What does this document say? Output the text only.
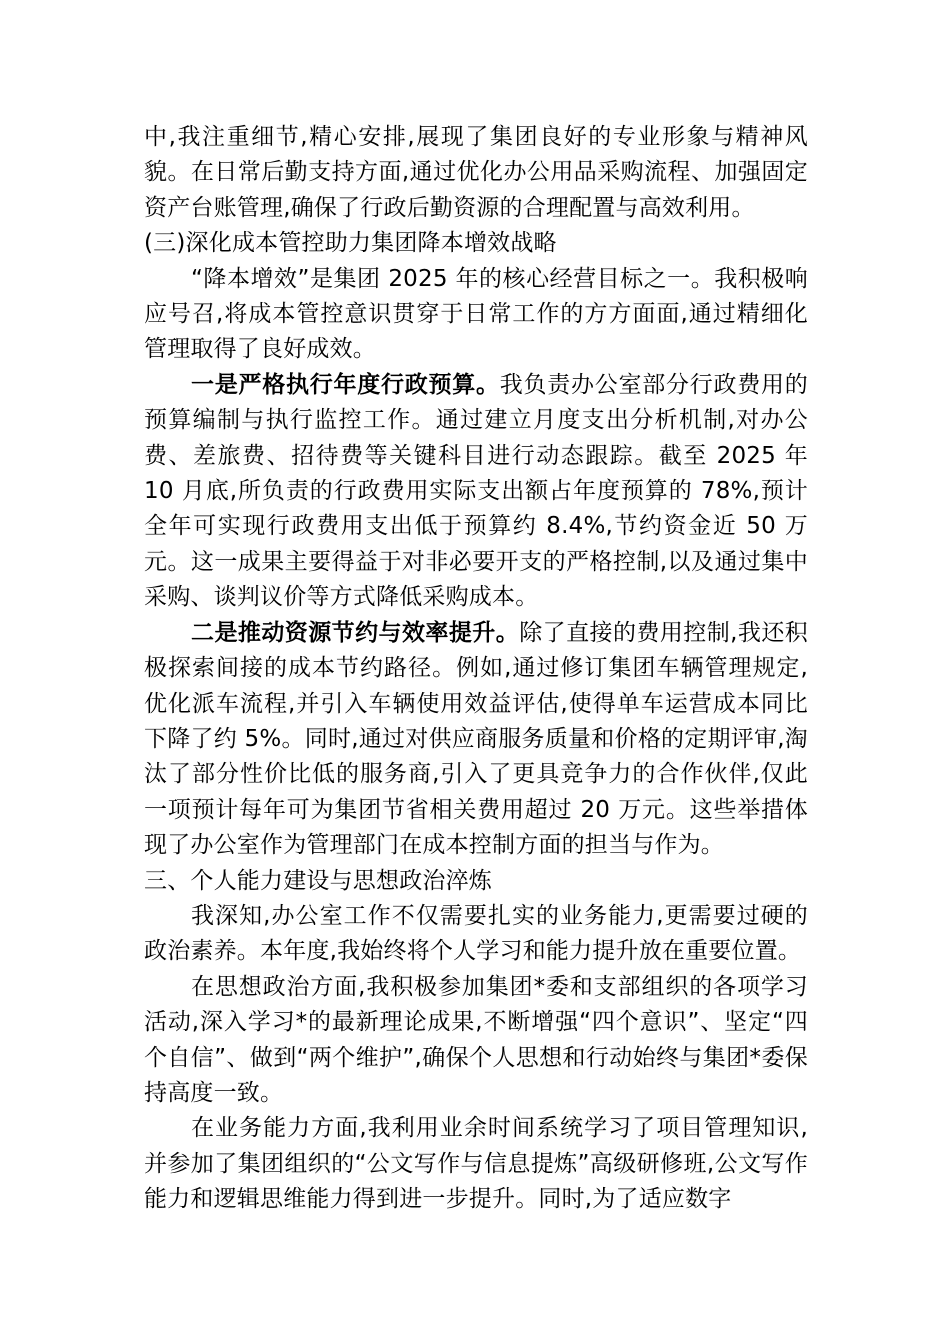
中,我注重细节,精心安排,展现了集团良好的专业形象与精神风貌。在日常后勤支持方面,通过优化办公用品采购流程、加强固定资产台账管理,确保了行政后勤资源的合理配置与高效利用。

(三)深化成本管控助力集团降本增效战略

“降本增效”是集团 2025 年的核心经营目标之一。我积极响应号召,将成本管控意识贯穿于日常工作的方方面面,通过精细化管理取得了良好成效。

一是严格执行年度行政预算。我负责办公室部分行政费用的预算编制与执行监控工作。通过建立月度支出分析机制,对办公费、差旅费、招待费等关键科目进行动态跟踪。截至 2025 年 10 月底,所负责的行政费用实际支出额占年度预算的 78%,预计全年可实现行政费用支出低于预算约 8.4%,节约资金近 50 万元。这一成果主要得益于对非必要开支的严格控制,以及通过集中采购、谈判议价等方式降低采购成本。

二是推动资源节约与效率提升。除了直接的费用控制,我还积极探索间接的成本节约路径。例如,通过修订集团车辆管理规定,优化派车流程,并引入车辆使用效益评估,使得单车运营成本同比下降了约 5%。同时,通过对供应商服务质量和价格的定期评审,淘汰了部分性价比低的服务商,引入了更具竞争力的合作伙伴,仅此一项预计每年可为集团节省相关费用超过 20 万元。这些举措体现了办公室作为管理部门在成本控制方面的担当与作为。

三、个人能力建设与思想政治淬炼

我深知,办公室工作不仅需要扎实的业务能力,更需要过硬的政治素养。本年度,我始终将个人学习和能力提升放在重要位置。

在思想政治方面,我积极参加集团*委和支部组织的各项学习活动,深入学习*的最新理论成果,不断增强“四个意识”、坚定“四个自信”、做到“两个维护”,确保个人思想和行动始终与集团*委保持高度一致。

在业务能力方面,我利用业余时间系统学习了项目管理知识,并参加了集团组织的“公文写作与信息提炼”高级研修班,公文写作能力和逻辑思维能力得到进一步提升。同时,为了适应数字
